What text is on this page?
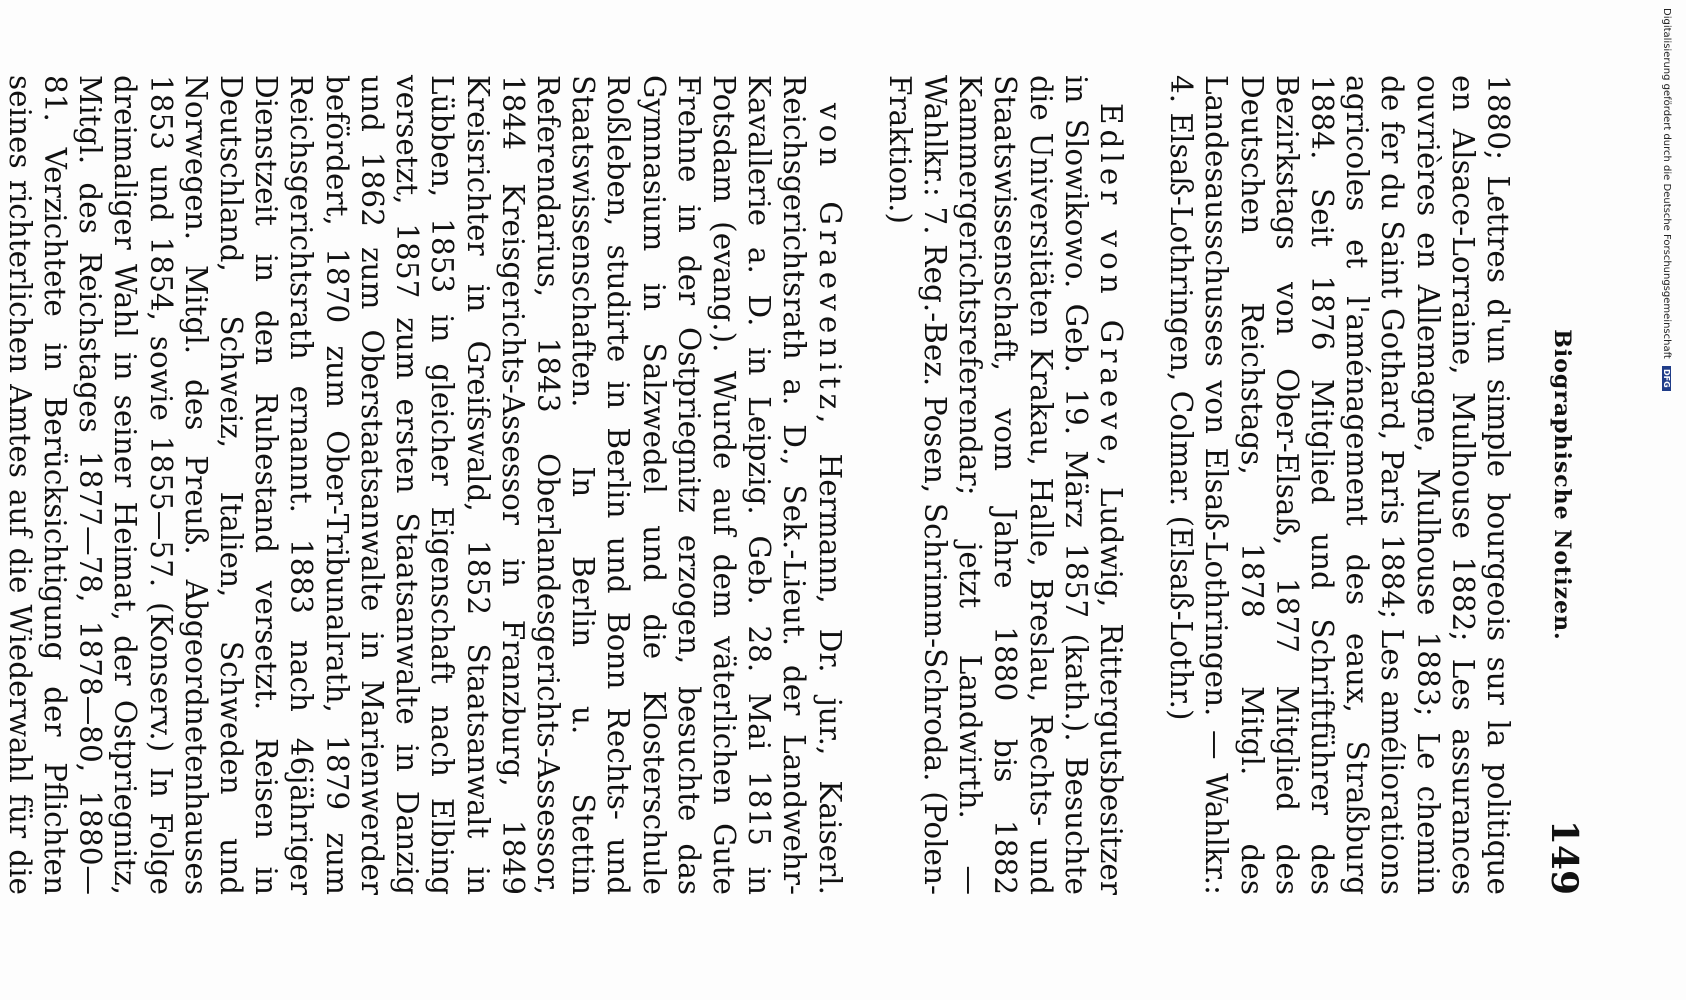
Biographische Notizen.
149

1880; Lettres d'un simple bourgeois sur la politique en Alsace-Lorraine, Mulhouse 1882; Les assurances ouvrières en Allemagne, Mulhouse 1883; Le chemin de fer du Saint Gothard, Paris 1884; Les améliorations agricoles et l'aménagement des eaux, Straßburg 1884. Seit 1876 Mitglied und Schriftführer des Bezirkstags von Ober-Elsaß, 1877 Mitglied des Deutschen Reichstags, 1878 Mitgl. des Landesausschusses von Elsaß-Lothringen. — Wahlkr.: 4. Elsaß-Lothringen, Colmar. (Elsaß-Lothr.)

Edler von Graeve, Ludwig, Rittergutsbesitzer in Slowikowo. Geb. 19. März 1857 (kath.). Besuchte die Universitäten Krakau, Halle, Breslau, Rechts- und Staatswissenschaft, vom Jahre 1880 bis 1882 Kammergerichtsreferendar; jetzt Landwirth. — Wahlkr.: 7. Reg.-Bez. Posen, Schrimm-Schroda. (Polen-Fraktion.)

von Graevenitz, Hermann, Dr. jur., Kaiserl. Reichsgerichtsrath a. D., Sek.-Lieut. der Landwehr-Kavallerie a. D. in Leipzig. Geb. 28. Mai 1815 in Potsdam (evang.). Wurde auf dem väterlichen Gute Frehne in der Ostpriegnitz erzogen, besuchte das Gymnasium in Salzwedel und die Klosterschule Roßleben, studirte in Berlin und Bonn Rechts- und Staatswissenschaften. In Berlin u. Stettin Referendarius, 1843 Oberlandesgerichts-Assessor, 1844 Kreisgerichts-Assessor in Franzburg, 1849 Kreisrichter in Greifswald, 1852 Staatsanwalt in Lübben, 1853 in gleicher Eigenschaft nach Elbing versetzt, 1857 zum ersten Staatsanwalte in Danzig und 1862 zum Oberstaatsanwalte in Marienwerder befördert, 1870 zum Ober-Tribunalrath, 1879 zum Reichsgerichtsrath ernannt. 1883 nach 46jähriger Dienstzeit in den Ruhestand versetzt. Reisen in Deutschland, Schweiz, Italien, Schweden und Norwegen. Mitgl. des Preuß. Abgeordnetenhauses 1853 und 1854, sowie 1855—57. (Konserv.) In Folge dreimaliger Wahl in seiner Heimat, der Ostpriegnitz, Mitgl. des Reichstages 1877—78, 1878—80, 1880—81. Verzichtete in Berücksichtigung der Pflichten seines richterlichen Amtes auf die Wiederwahl für die

Digitalisierung gefördert durch die Deutsche Forschungsgemeinschaft DFG
